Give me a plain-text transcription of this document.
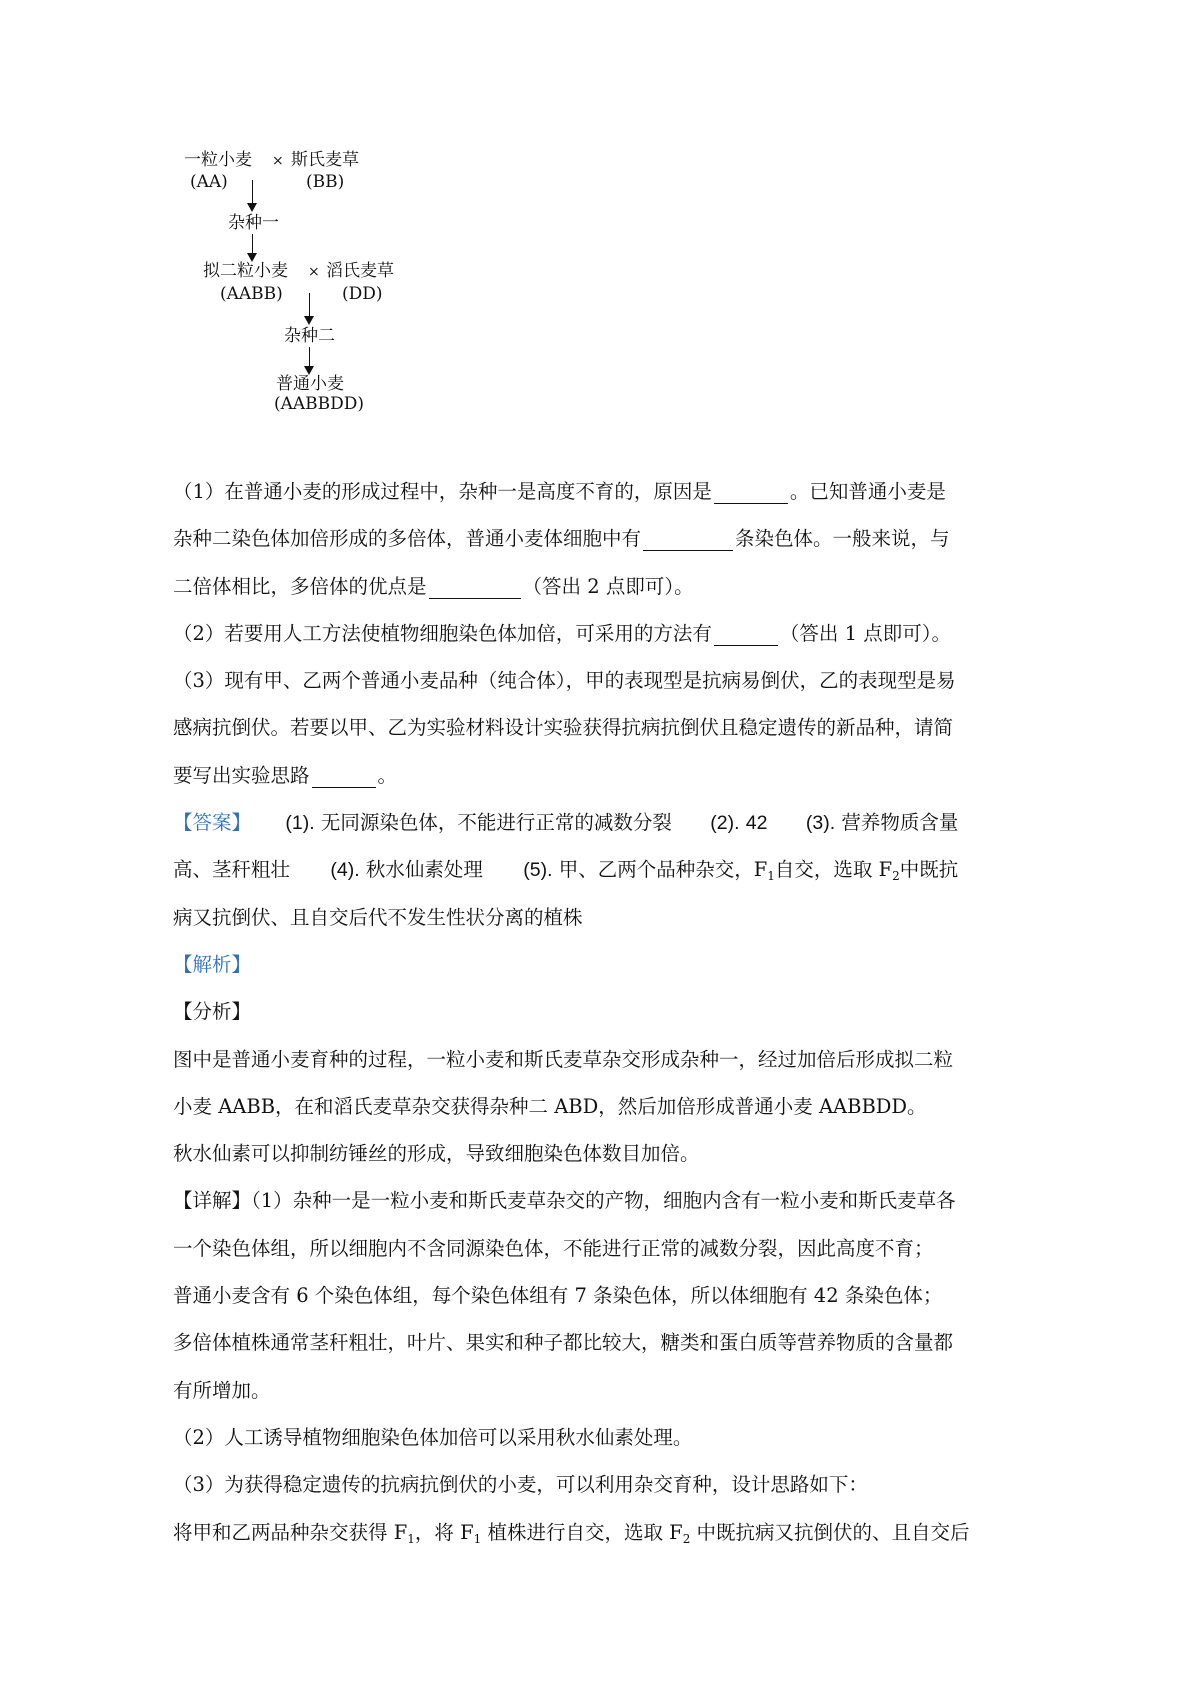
一粒小麦 × 斯氏麦草
(AA)	(BB)
杂种一
拟二粒小麦 × 滔氏麦草
(AABB)	(DD)
杂种二
普通小麦
(AABBDD)
（1）在普通小麦的形成过程中，杂种一是高度不育的，原因是	。已知普通小麦是
杂种二染色体加倍形成的多倍体，普通小麦体细胞中有	条染色体。一般来说，与
二倍体相比，多倍体的优点是	（答出 2 点即可）。
（2）若要用人工方法使植物细胞染色体加倍，可采用的方法有	（答出 1 点即可）。
（3）现有甲、乙两个普通小麦品种（纯合体），甲的表现型是抗病易倒伏，乙的表现型是易
感病抗倒伏。若要以甲、乙为实验材料设计实验获得抗病抗倒伏且稳定遗传的新品种，请简
要写出实验思路	。
【答案】 (1). 无同源染色体，不能进行正常的减数分裂 (2). 42 (3). 营养物质含量
高、茎秆粗壮 (4). 秋水仙素处理 (5). 甲、乙两个品种杂交，$F_1$自交，选取 $F_2$中既抗
病又抗倒伏、且自交后代不发生性状分离的植株
【解析】
【分析】
图中是普通小麦育种的过程，一粒小麦和斯氏麦草杂交形成杂种一，经过加倍后形成拟二粒
小麦 AABB，在和滔氏麦草杂交获得杂种二 ABD，然后加倍形成普通小麦 AABBDD。
秋水仙素可以抑制纺锤丝的形成，导致细胞染色体数目加倍。
【详解】（1）杂种一是一粒小麦和斯氏麦草杂交的产物，细胞内含有一粒小麦和斯氏麦草各
一个染色体组，所以细胞内不含同源染色体，不能进行正常的减数分裂，因此高度不育；
普通小麦含有 6 个染色体组，每个染色体组有 7 条染色体，所以体细胞有 42 条染色体；
多倍体植株通常茎秆粗壮，叶片、果实和种子都比较大，糖类和蛋白质等营养物质的含量都
有所增加。
（2）人工诱导植物细胞染色体加倍可以采用秋水仙素处理。
（3）为获得稳定遗传的抗病抗倒伏的小麦，可以利用杂交育种，设计思路如下：
将甲和乙两品种杂交获得 $F_1$，将 $F_1$ 植株进行自交，选取 $F_2$ 中既抗病又抗倒伏的、且自交后
